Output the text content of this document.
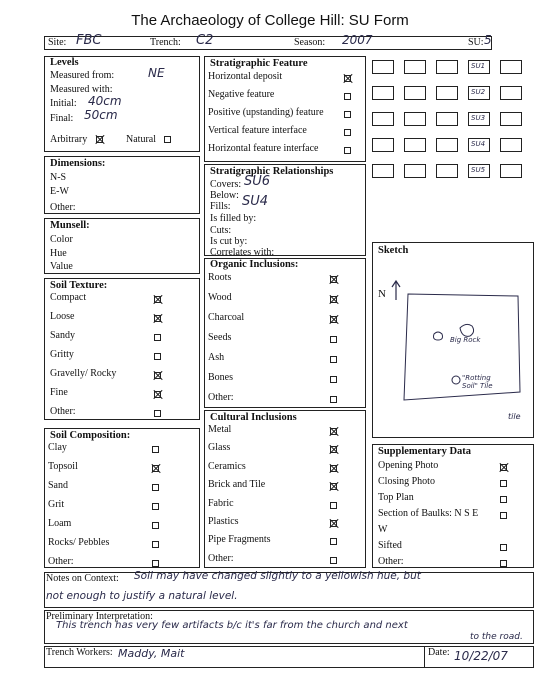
The Archaeology of College Hill: SU Form
Site: FBC	Trench: C2	Season: 2007	SU: 5
Levels
Measured from:	NE
Measured with:
Initial: 40cm
Final: 50cm
Arbitrary	Natural
Dimensions:
N-S
E-W
Other:
Munsell:
Color
Hue
Value
Soil Texture:
Compact
Loose
Sandy
Gritty
Gravelly/ Rocky
Fine
Other:
Soil Composition:
Clay
Topsoil
Sand
Grit
Loam
Rocks/ Pebbles
Other:
Stratigraphic Feature
Horizontal deposit
Negative feature
Positive (upstanding) feature
Vertical feature interface
Horizontal feature interface
Stratigraphic Relationships
Covers: SU6
Below:
Fills: SU4
Is filled by:
Cuts:
Is cut by:
Correlates with:
Organic Inclusions:
Roots
Wood
Charcoal
Seeds
Ash
Bones
Other:
Cultural Inclusions
Metal
Glass
Ceramics
Brick and Tile
Fabric
Plastics
Pipe Fragments
Other:
SU1
SU2
SU3
SU4
SU5
Sketch
N
Big Rock
"Rotting Soil" Tile
tile
Supplementary Data
Opening Photo
Closing Photo
Top Plan
Section of Baulks: N S E
W
Sifted
Other:
Notes on Context: Soil may have changed slightly to a yellowish hue, but
not enough to justify a natural level.
Preliminary Interpretation:
This trench has very few artifacts b/c it's far from the church and next
to the road.
Trench Workers: Maddy, Mait	Date: 10/22/07
